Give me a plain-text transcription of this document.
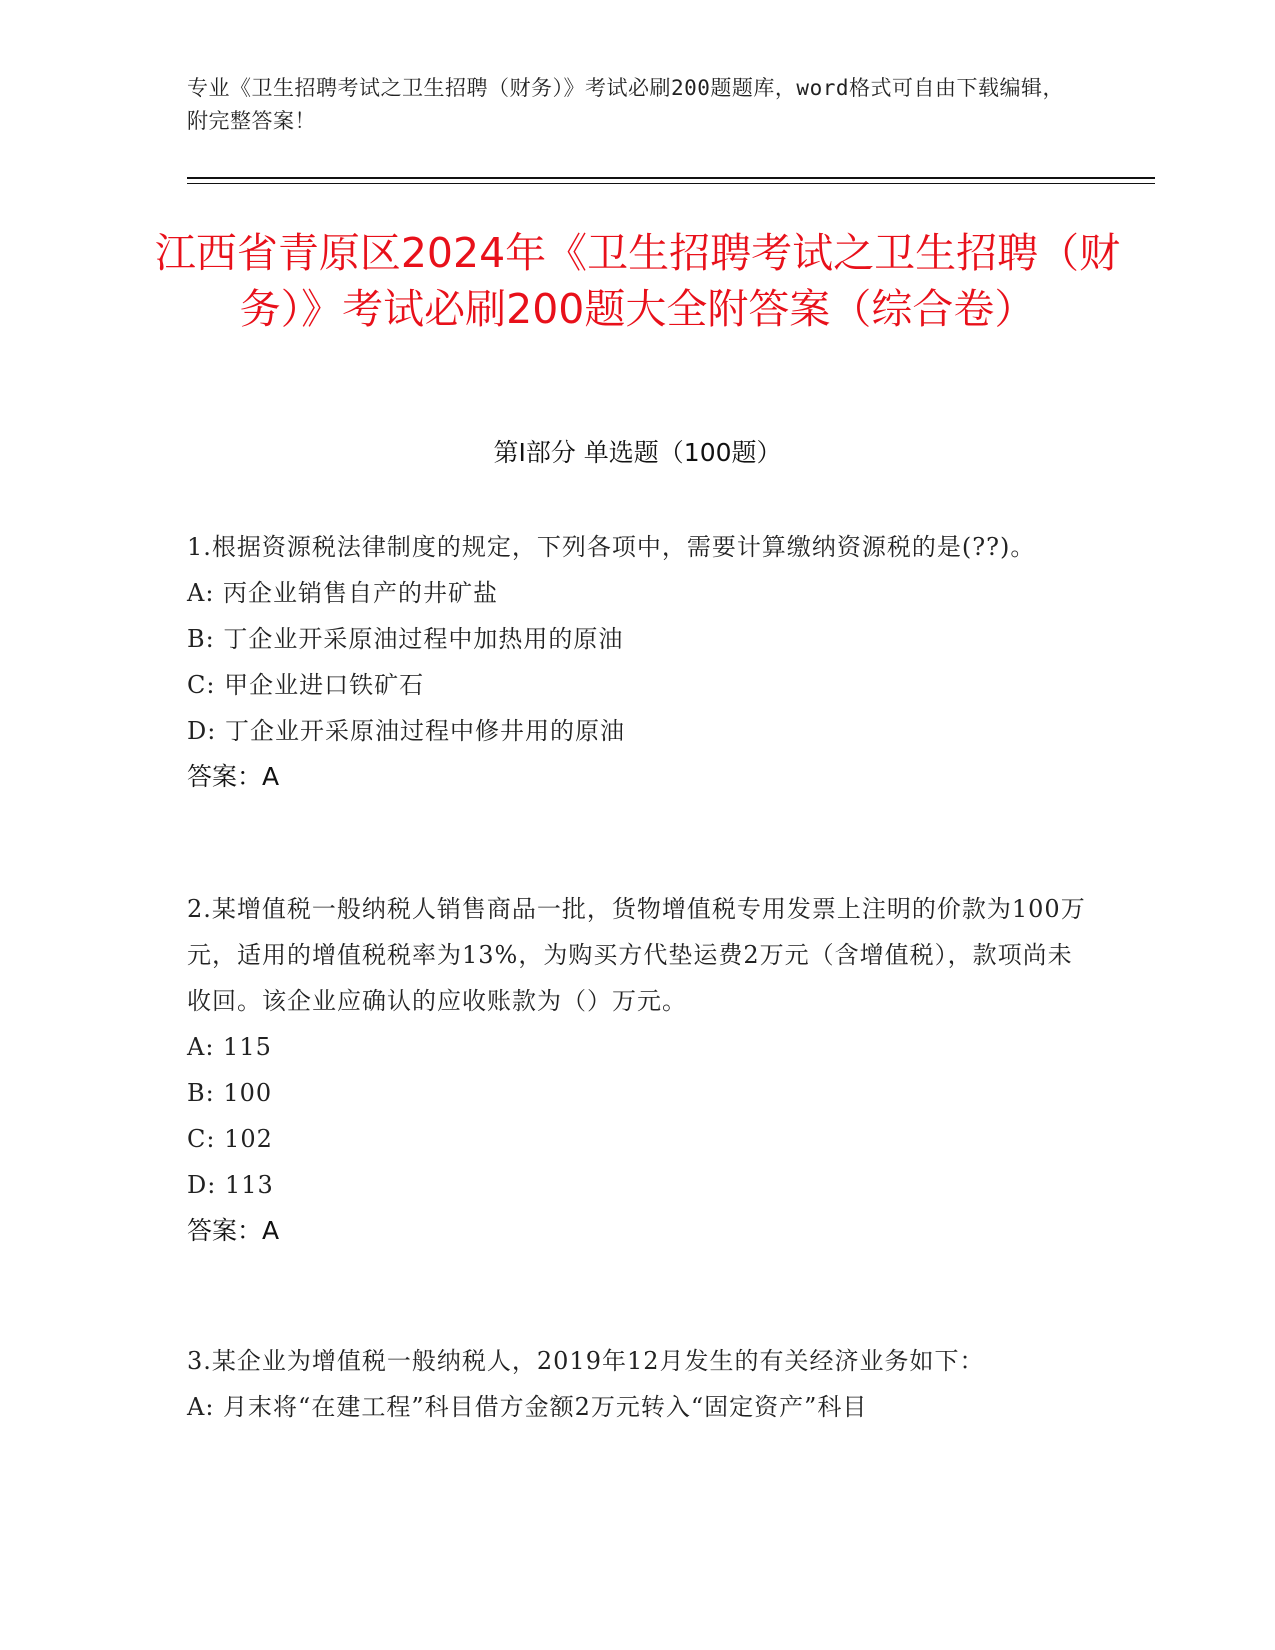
专业《卫生招聘考试之卫生招聘（财务）》考试必刷200题题库，word格式可自由下载编辑，附完整答案！
江西省青原区2024年《卫生招聘考试之卫生招聘（财务）》考试必刷200题大全附答案（综合卷）
第Ⅰ部分 单选题（100题）
1.根据资源税法律制度的规定，下列各项中，需要计算缴纳资源税的是(??)。
A: 丙企业销售自产的井矿盐
B: 丁企业开采原油过程中加热用的原油
C: 甲企业进口铁矿石
D: 丁企业开采原油过程中修井用的原油
答案：A
2.某增值税一般纳税人销售商品一批，货物增值税专用发票上注明的价款为100万元，适用的增值税税率为13%，为购买方代垫运费2万元（含增值税），款项尚未收回。该企业应确认的应收账款为（）万元。
A: 115
B: 100
C: 102
D: 113
答案：A
3.某企业为增值税一般纳税人，2019年12月发生的有关经济业务如下：
A: 月末将“在建工程”科目借方金额2万元转入“固定资产”科目
